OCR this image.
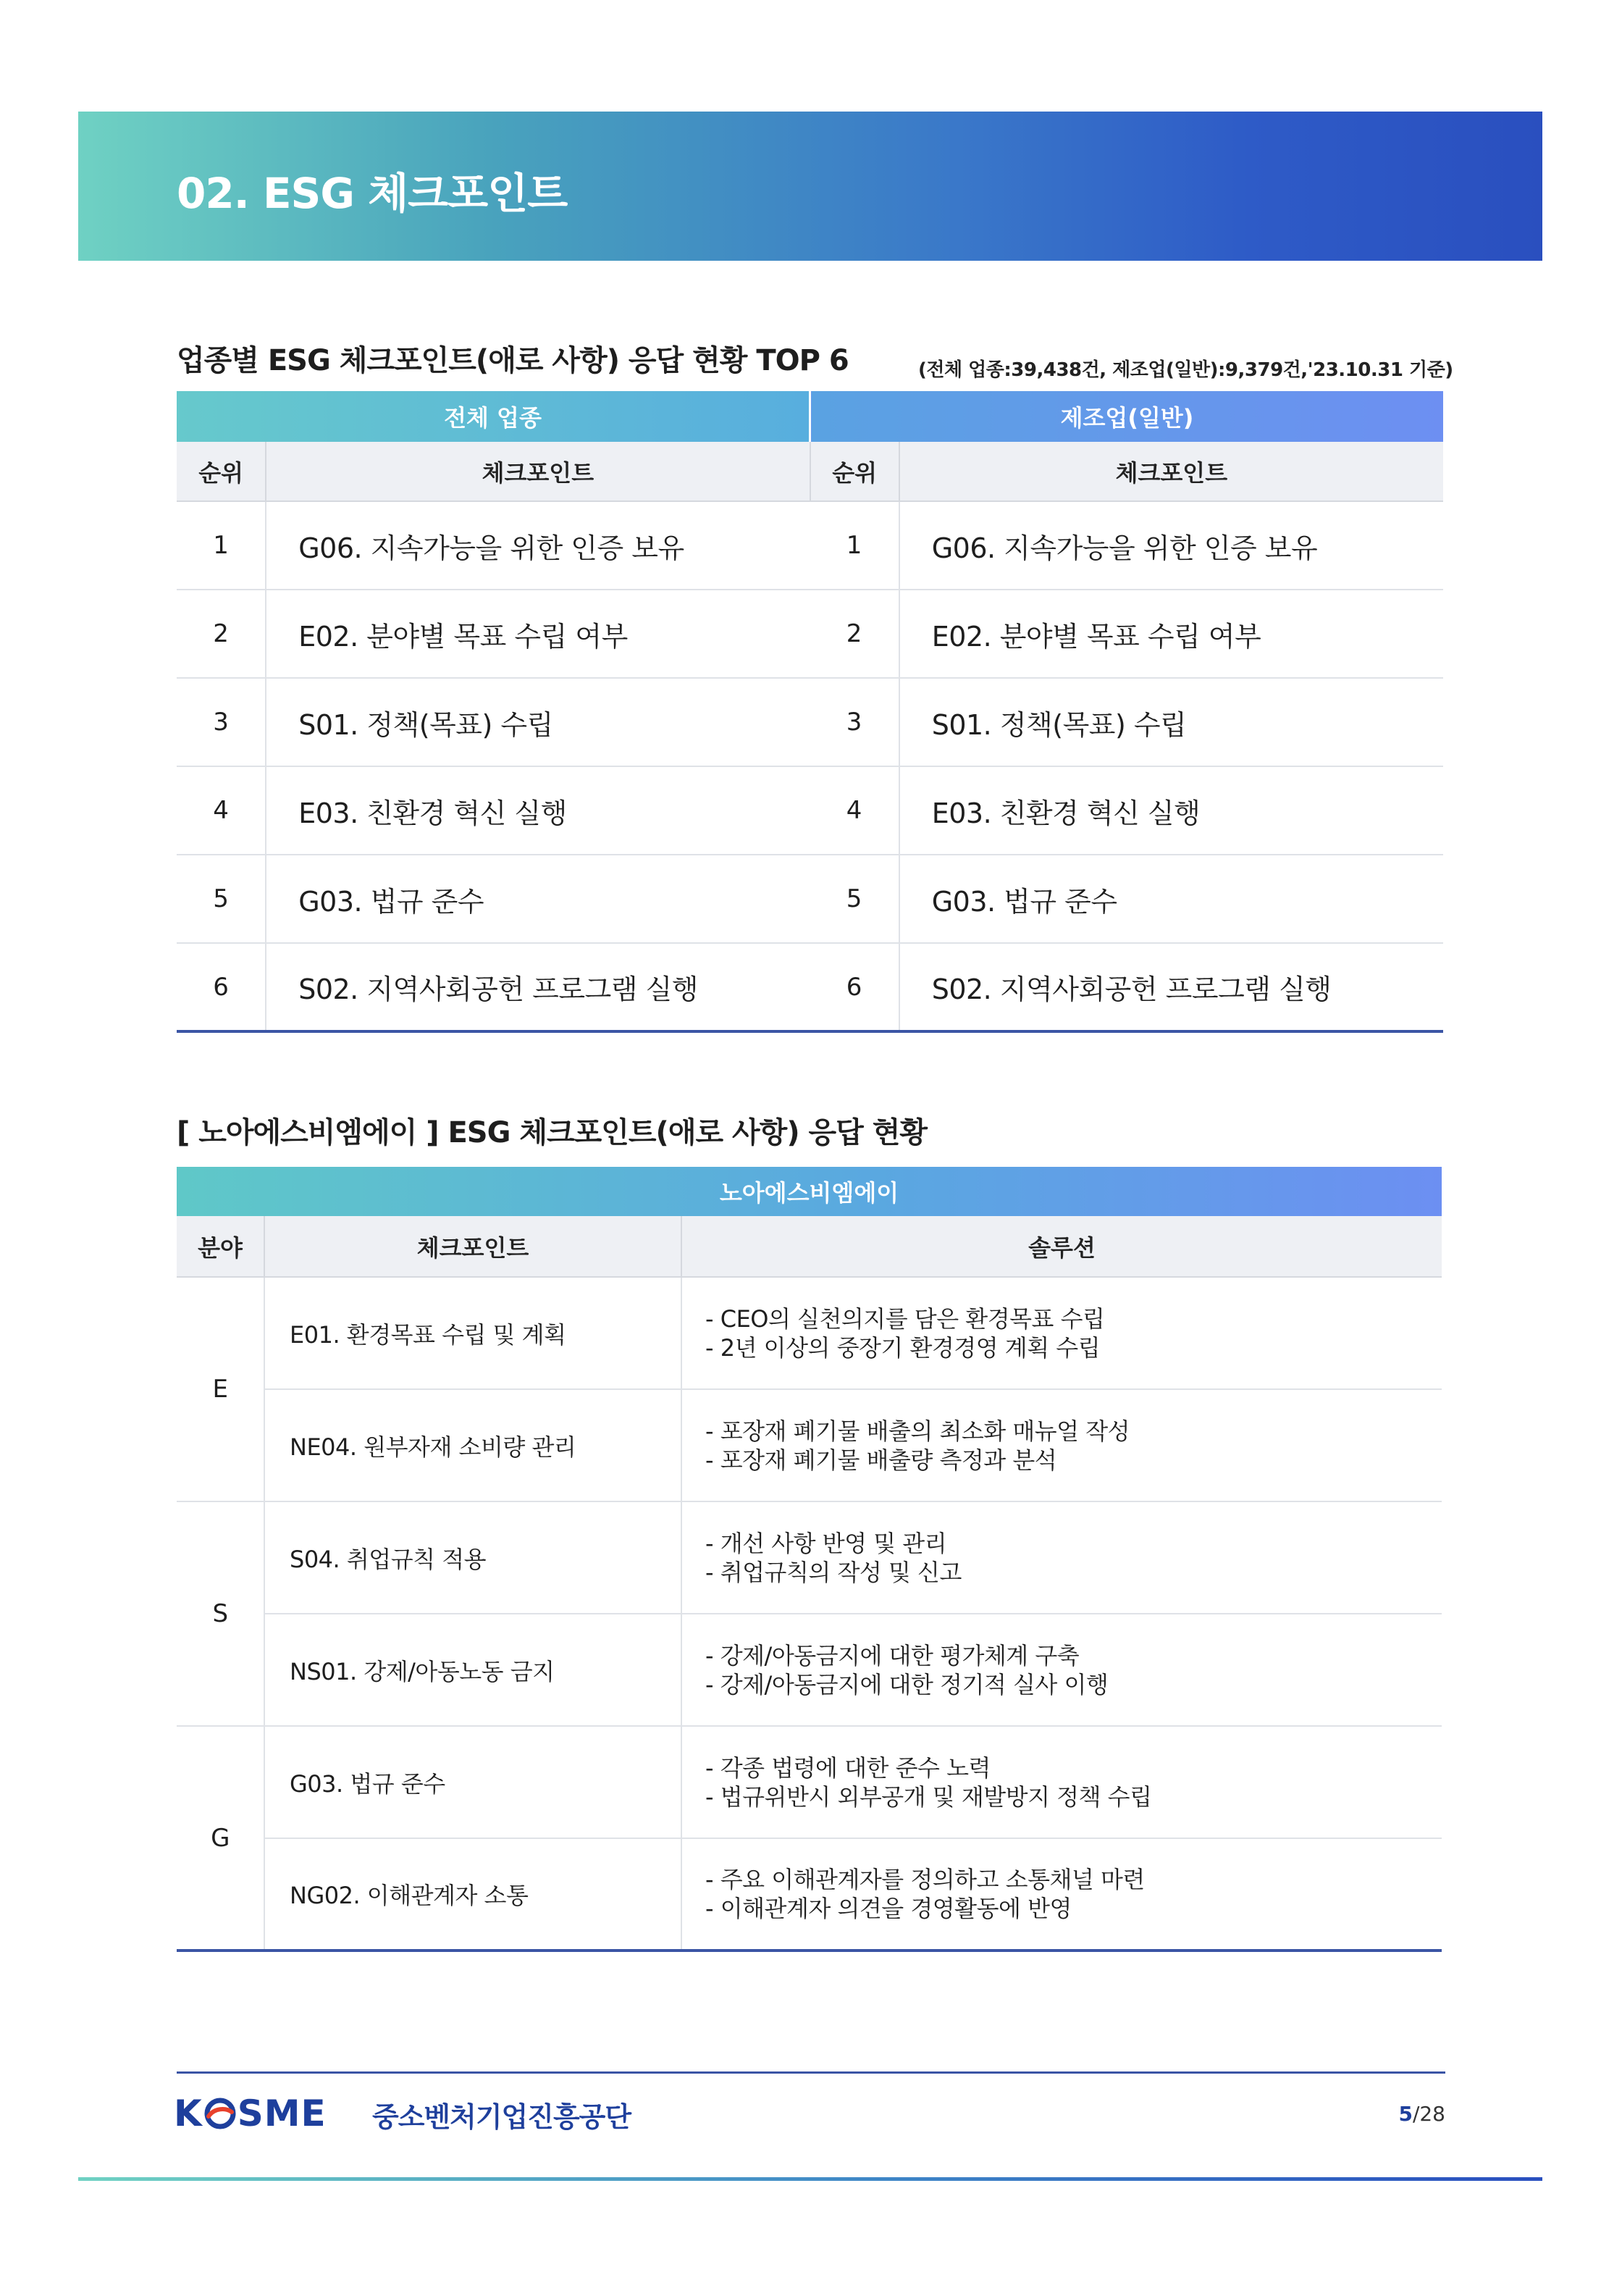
02. ESG 체크포인트
업종별 ESG 체크포인트(애로 사항) 응답 현황 TOP 6	(전체 업종:39,438건, 제조업(일반):9,379건,'23.10.31 기준)
전체 업종		제조업(일반)	
순위	체크포인트	순위	체크포인트
1	G06. 지속가능을 위한 인증 보유	1	G06. 지속가능을 위한 인증 보유
2	E02. 분야별 목표 수립 여부	2	E02. 분야별 목표 수립 여부
3	S01. 정책(목표) 수립	3	S01. 정책(목표) 수립
4	E03. 친환경 혁신 실행	4	E03. 친환경 혁신 실행
5	G03. 법규 준수	5	G03. 법규 준수
6	S02. 지역사회공헌 프로그램 실행	6	S02. 지역사회공헌 프로그램 실행
[ 노아에스비엠에이 ] ESG 체크포인트(애로 사항) 응답 현황
노아에스비엠에이		
분야	체크포인트	솔루션
E	E01. 환경목표 수립 및 계획	- CEO의 실천의지를 담은 환경목표 수립
- 2년 이상의 중장기 환경경영 계획 수립

	NE04. 원부자재 소비량 관리	- 포장재 폐기물 배출의 최소화 매뉴얼 작성
- 포장재 폐기물 배출량 측정과 분석

S	S04. 취업규칙 적용	- 개선 사항 반영 및 관리
- 취업규칙의 작성 및 신고

	NS01. 강제/아동노동 금지	- 강제/아동금지에 대한 평가체계 구축
- 강제/아동금지에 대한 정기적 실사 이행

G	G03. 법규 준수	- 각종 법령에 대한 준수 노력
- 법규위반시 외부공개 및 재발방지 정책 수립

	NG02. 이해관계자 소통	- 주요 이해관계자를 정의하고 소통채널 마련
- 이해관계자 의견을 경영활동에 반영
K SME 중소벤처기업진흥공단	5/28
